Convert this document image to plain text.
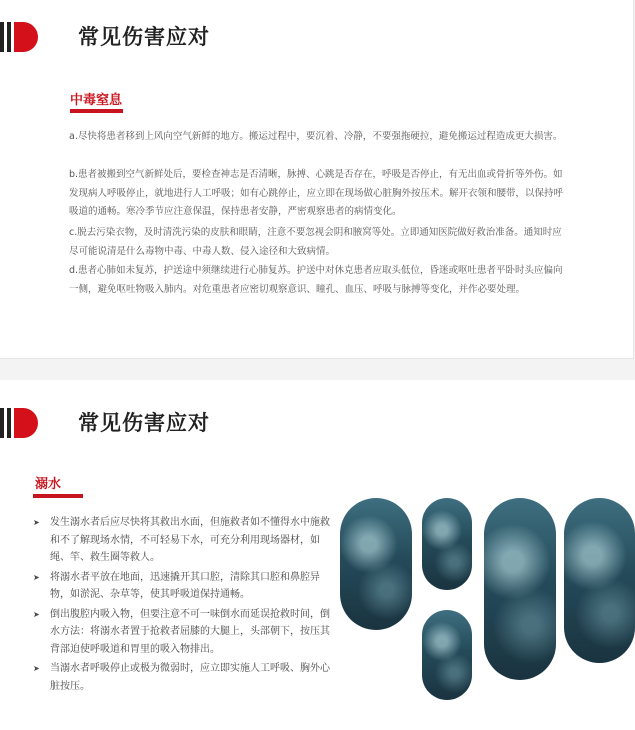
常见伤害应对
中毒窒息

a.尽快将患者移到上风向空气新鲜的地方。搬运过程中，要沉着、冷静，不要强拖硬拉，避免搬运过程造成更大损害。

b.患者被搬到空气新鲜处后，要检查神志是否清晰，脉搏、心跳是否存在，呼吸是否停止，有无出血或骨折等外伤。如发现病人呼吸停止，就地进行人工呼吸；如有心跳停止，应立即在现场做心脏胸外按压术。解开衣领和腰带，以保持呼吸道的通畅。寒冷季节应注意保温，保持患者安静，严密观察患者的病情变化。

c.脱去污染衣物，及时清洗污染的皮肤和眼睛，注意不要忽视会阴和腋窝等处。立即通知医院做好救治准备。通知时应尽可能说清是什么毒物中毒、中毒人数、侵入途径和大致病情。

d.患者心肺如未复苏，护送途中须继续进行心肺复苏。护送中对休克患者应取头低位，昏迷或呕吐患者平卧时头应偏向一侧，避免呕吐物吸入肺内。对危重患者应密切观察意识、瞳孔、血压、呼吸与脉搏等变化，并作必要处理。

常见伤害应对
溺水
➤ 发生溺水者后应尽快将其救出水面，但施救者如不懂得水中施救和不了解现场水情，不可轻易下水，可充分利用现场器材，如绳、竿、救生圈等救人。
➤ 将溺水者平放在地面，迅速撬开其口腔，清除其口腔和鼻腔异物，如淤泥、杂草等，使其呼吸道保持通畅。
➤ 倒出腹腔内吸入物，但要注意不可一味倒水而延误抢救时间，倒水方法：将溺水者置于抢救者屈膝的大腿上，头部朝下，按压其背部迫使呼吸道和胃里的吸入物排出。
➤ 当溺水者呼吸停止或极为微弱时，应立即实施人工呼吸、胸外心脏按压。
